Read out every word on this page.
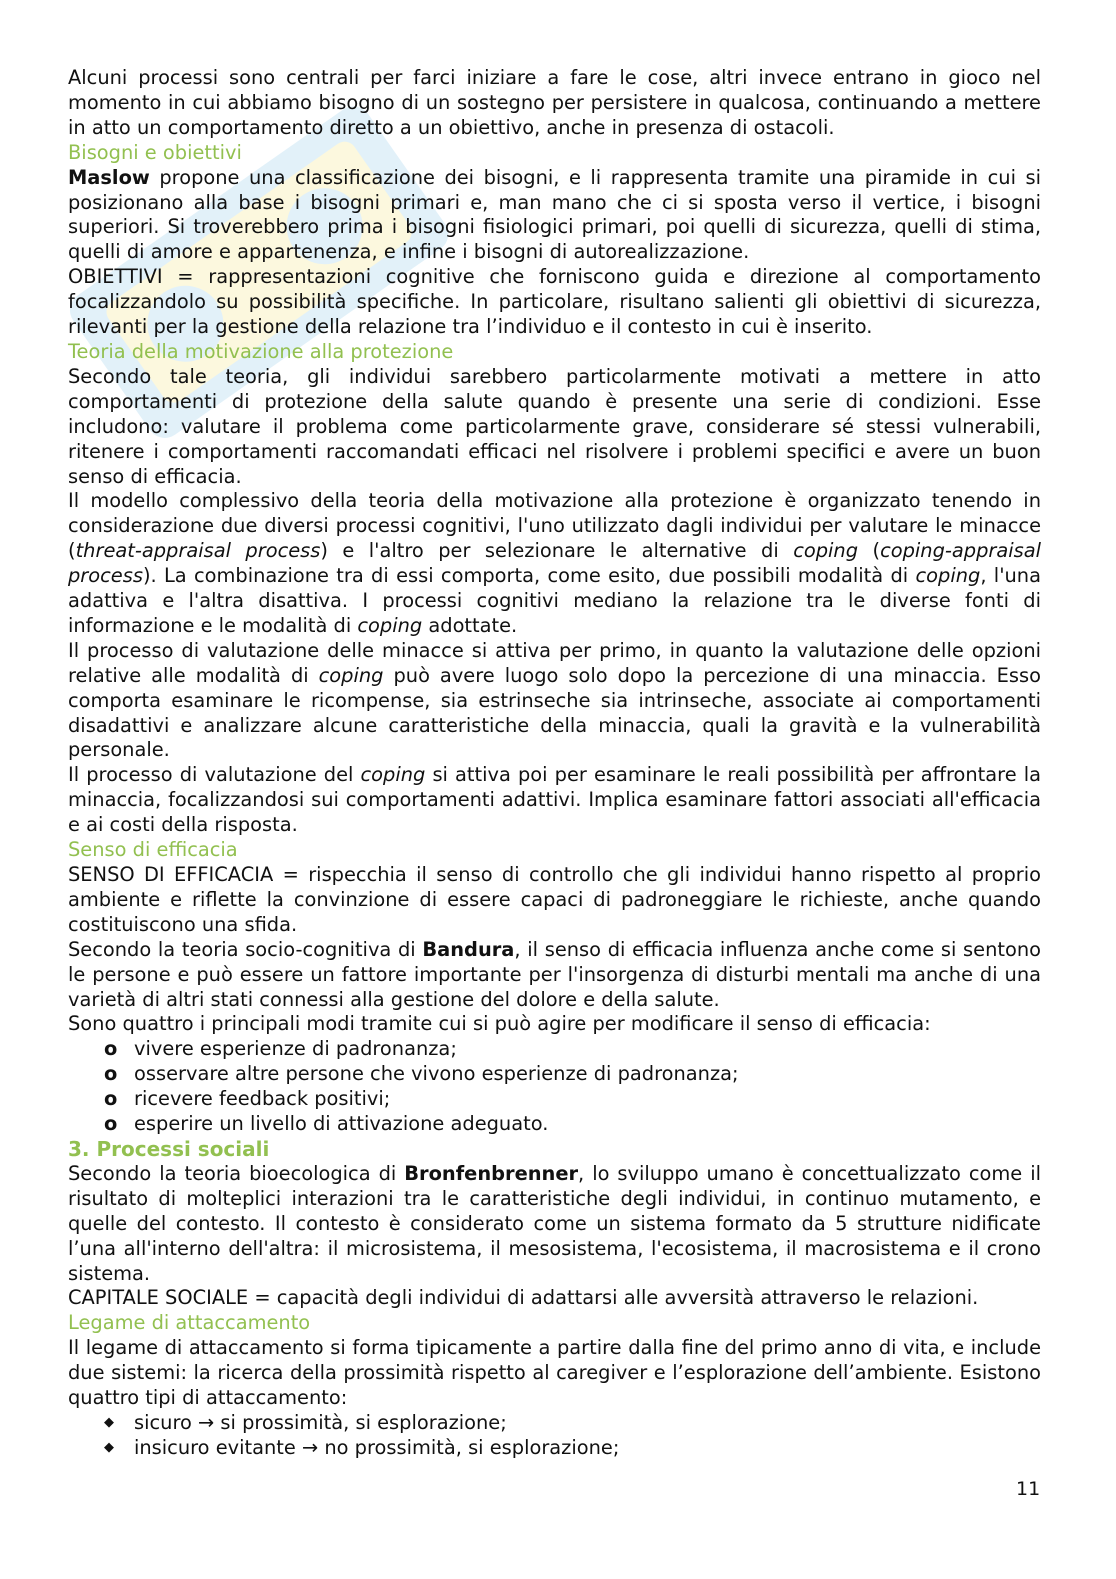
Alcuni processi sono centrali per farci iniziare a fare le cose, altri invece entrano in gioco nel momento in cui abbiamo bisogno di un sostegno per persistere in qualcosa, continuando a mettere in atto un comportamento diretto a un obiettivo, anche in presenza di ostacoli.

Bisogni e obiettivi

Maslow propone una classificazione dei bisogni, e li rappresenta tramite una piramide in cui si posizionano alla base i bisogni primari e, man mano che ci si sposta verso il vertice, i bisogni superiori. Si troverebbero prima i bisogni fisiologici primari, poi quelli di sicurezza, quelli di stima, quelli di amore e appartenenza, e infine i bisogni di autorealizzazione.

OBIETTIVI = rappresentazioni cognitive che forniscono guida e direzione al comportamento focalizzandolo su possibilità specifiche. In particolare, risultano salienti gli obiettivi di sicurezza, rilevanti per la gestione della relazione tra l’individuo e il contesto in cui è inserito.

Teoria della motivazione alla protezione

Secondo tale teoria, gli individui sarebbero particolarmente motivati a mettere in atto comportamenti di protezione della salute quando è presente una serie di condizioni. Esse includono: valutare il problema come particolarmente grave, considerare sé stessi vulnerabili, ritenere i comportamenti raccomandati efficaci nel risolvere i problemi specifici e avere un buon senso di efficacia.

Il modello complessivo della teoria della motivazione alla protezione è organizzato tenendo in considerazione due diversi processi cognitivi, l'uno utilizzato dagli individui per valutare le minacce (threat-appraisal process) e l'altro per selezionare le alternative di coping (coping-appraisal process). La combinazione tra di essi comporta, come esito, due possibili modalità di coping, l'una adattiva e l'altra disattiva. I processi cognitivi mediano la relazione tra le diverse fonti di informazione e le modalità di coping adottate.

Il processo di valutazione delle minacce si attiva per primo, in quanto la valutazione delle opzioni relative alle modalità di coping può avere luogo solo dopo la percezione di una minaccia. Esso comporta esaminare le ricompense, sia estrinseche sia intrinseche, associate ai comportamenti disadattivi e analizzare alcune caratteristiche della minaccia, quali la gravità e la vulnerabilità personale.

Il processo di valutazione del coping si attiva poi per esaminare le reali possibilità per affrontare la minaccia, focalizzandosi sui comportamenti adattivi. Implica esaminare fattori associati all'efficacia e ai costi della risposta.

Senso di efficacia

SENSO DI EFFICACIA = rispecchia il senso di controllo che gli individui hanno rispetto al proprio ambiente e riflette la convinzione di essere capaci di padroneggiare le richieste, anche quando costituiscono una sfida.

Secondo la teoria socio-cognitiva di Bandura, il senso di efficacia influenza anche come si sentono le persone e può essere un fattore importante per l'insorgenza di disturbi mentali ma anche di una varietà di altri stati connessi alla gestione del dolore e della salute.

Sono quattro i principali modi tramite cui si può agire per modificare il senso di efficacia:

o vivere esperienze di padronanza;
o osservare altre persone che vivono esperienze di padronanza;
o ricevere feedback positivi;
o esperire un livello di attivazione adeguato.

3. Processi sociali

Secondo la teoria bioecologica di Bronfenbrenner, lo sviluppo umano è concettualizzato come il risultato di molteplici interazioni tra le caratteristiche degli individui, in continuo mutamento, e quelle del contesto. Il contesto è considerato come un sistema formato da 5 strutture nidificate l’una all'interno dell'altra: il microsistema, il mesosistema, l'ecosistema, il macrosistema e il crono sistema.

CAPITALE SOCIALE = capacità degli individui di adattarsi alle avversità attraverso le relazioni.

Legame di attaccamento

Il legame di attaccamento si forma tipicamente a partire dalla fine del primo anno di vita, e include due sistemi: la ricerca della prossimità rispetto al caregiver e l’esplorazione dell’ambiente. Esistono quattro tipi di attaccamento:

◆ sicuro → si prossimità, si esplorazione;
◆ insicuro evitante → no prossimità, si esplorazione;
11
